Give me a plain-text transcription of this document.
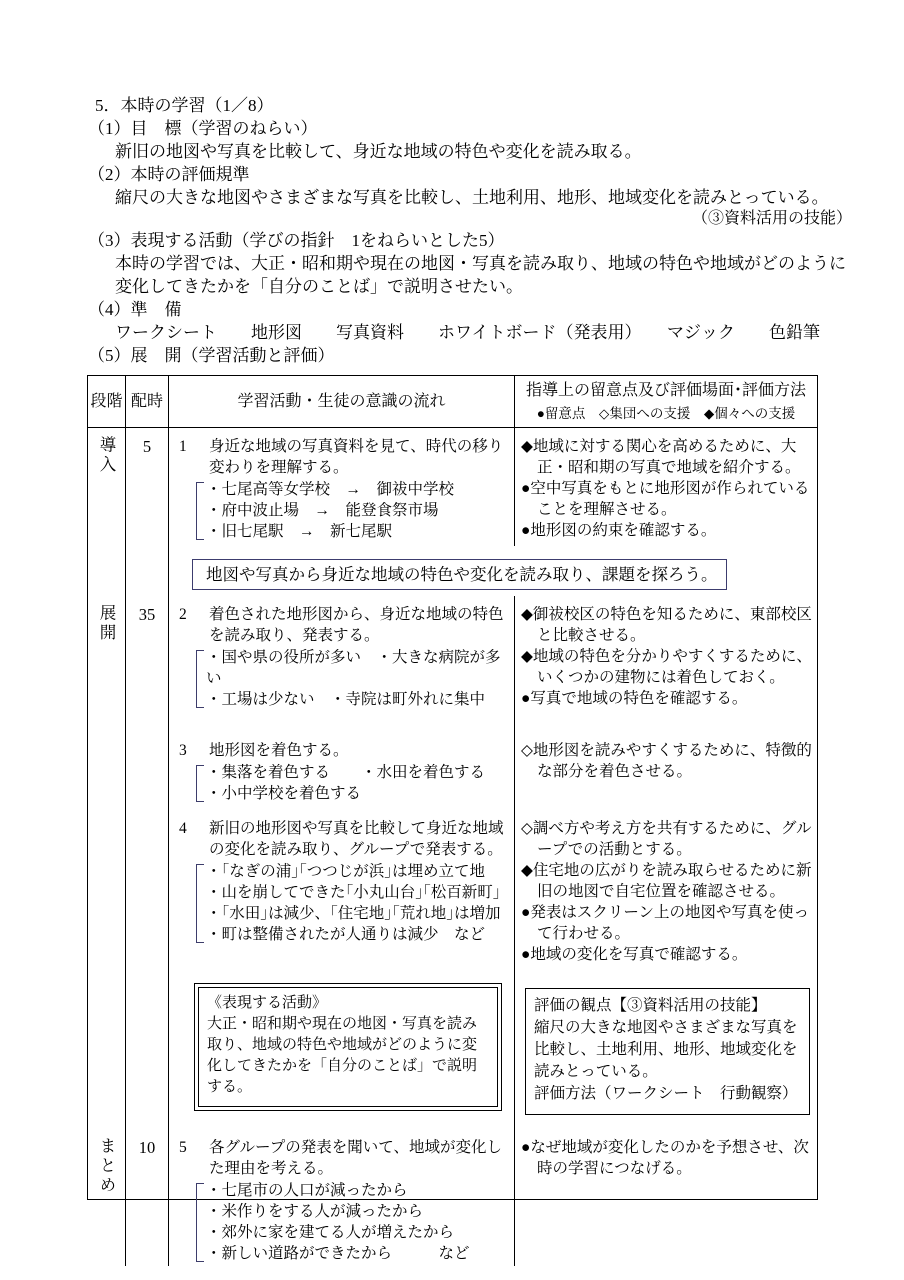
5．本時の学習（1／8）
（1）目　標（学習のねらい）
新旧の地図や写真を比較して、身近な地域の特色や変化を読み取る。
（2）本時の評価規準
縮尺の大きな地図やさまざまな写真を比較し、土地利用、地形、地域変化を読みとっている。
（③資料活用の技能）
（3）表現する活動（学びの指針　1をねらいとした5）
本時の学習では、大正・昭和期や現在の地図・写真を読み取り、地域の特色や地域がどのように変化してきたかを「自分のことば」で説明させたい。
（4）準　備
ワークシート　　地形図　　写真資料　　ホワイトボード（発表用）　　マジック　　色鉛筆
（5）展　開（学習活動と評価）
段階 配時	学習活動・生徒の意識の流れ
指導上の留意点及び評価場面･評価方法
●留意点　◇集団への支援　◆個々への支援
導入	5	1	身近な地域の写真資料を見て、時代の移り変わりを理解する。
・七尾高等女学校　→　御祓中学校
・府中波止場　→　能登食祭市場
・旧七尾駅　→　新七尾駅
◆地域に対する関心を高めるために、大正・昭和期の写真で地域を紹介する。
●空中写真をもとに地形図が作られていることを理解させる。
●地形図の約束を確認する。
地図や写真から身近な地域の特色や変化を読み取り、課題を探ろう。
展開	35	2	着色された地形図から、身近な地域の特色を読み取り、発表する。
・国や県の役所が多い　・大きな病院が多い
・工場は少ない　・寺院は町外れに集中
◆御祓校区の特色を知るために、東部校区と比較させる。
◆地域の特色を分かりやすくするために、いくつかの建物には着色しておく。
●写真で地域の特色を確認する。
3	地形図を着色する。
・集落を着色する　　・水田を着色する
・小中学校を着色する
◇地形図を読みやすくするために、特徴的な部分を着色させる。
4	新旧の地形図や写真を比較して身近な地域の変化を読み取り、グループで発表する。
・｢なぎの浦｣｢つつじが浜｣は埋め立て地
・山を崩してできた｢小丸山台｣｢松百新町｣
・｢水田｣は減少、｢住宅地｣｢荒れ地｣は増加
・町は整備されたが人通りは減少　など
◇調べ方や考え方を共有するために、グループでの活動とする。
◆住宅地の広がりを読み取らせるために新旧の地図で自宅位置を確認させる。
●発表はスクリーン上の地図や写真を使って行わせる。
●地域の変化を写真で確認する。
《表現する活動》
大正・昭和期や現在の地図・写真を読み取り、地域の特色や地域がどのように変化してきたかを「自分のことば」で説明する。
評価の観点【③資料活用の技能】
縮尺の大きな地図やさまざまな写真を比較し、土地利用、地形、地域変化を読みとっている。
評価方法（ワークシート　行動観察）
まとめ	10	5	各グループの発表を聞いて、地域が変化した理由を考える。
・七尾市の人口が減ったから
・米作りをする人が減ったから
・郊外に家を建てる人が増えたから
・新しい道路ができたから　　　など
●なぜ地域が変化したのかを予想させ、次時の学習につなげる。
